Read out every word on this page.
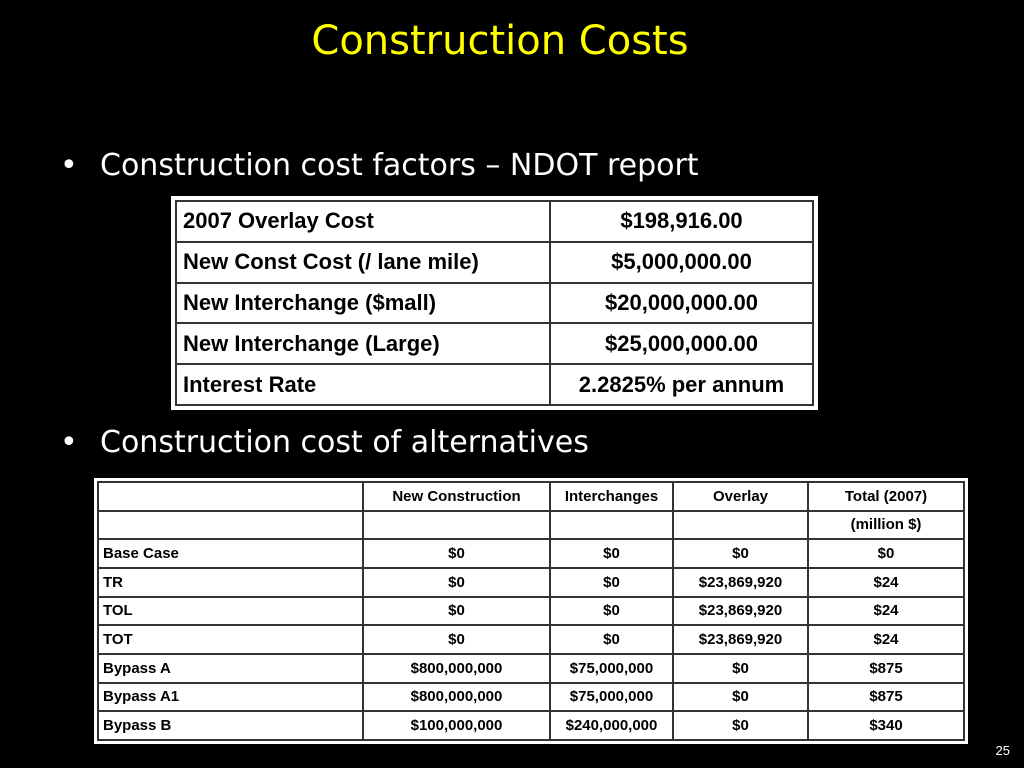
Construction Costs
• Construction cost factors – NDOT report
2007 Overlay Cost	$198,916.00
New Const Cost (/ lane mile)	$5,000,000.00
New Interchange ($mall)	$20,000,000.00
New Interchange (Large)	$25,000,000.00
Interest Rate	2.2825% per annum
• Construction cost of alternatives
	New Construction	Interchanges	Overlay	Total (2007)
				(million $)
Base Case	$0	$0	$0	$0
TR	$0	$0	$23,869,920	$24
TOL	$0	$0	$23,869,920	$24
TOT	$0	$0	$23,869,920	$24
Bypass A	$800,000,000	$75,000,000	$0	$875
Bypass A1	$800,000,000	$75,000,000	$0	$875
Bypass B	$100,000,000	$240,000,000	$0	$340
25
